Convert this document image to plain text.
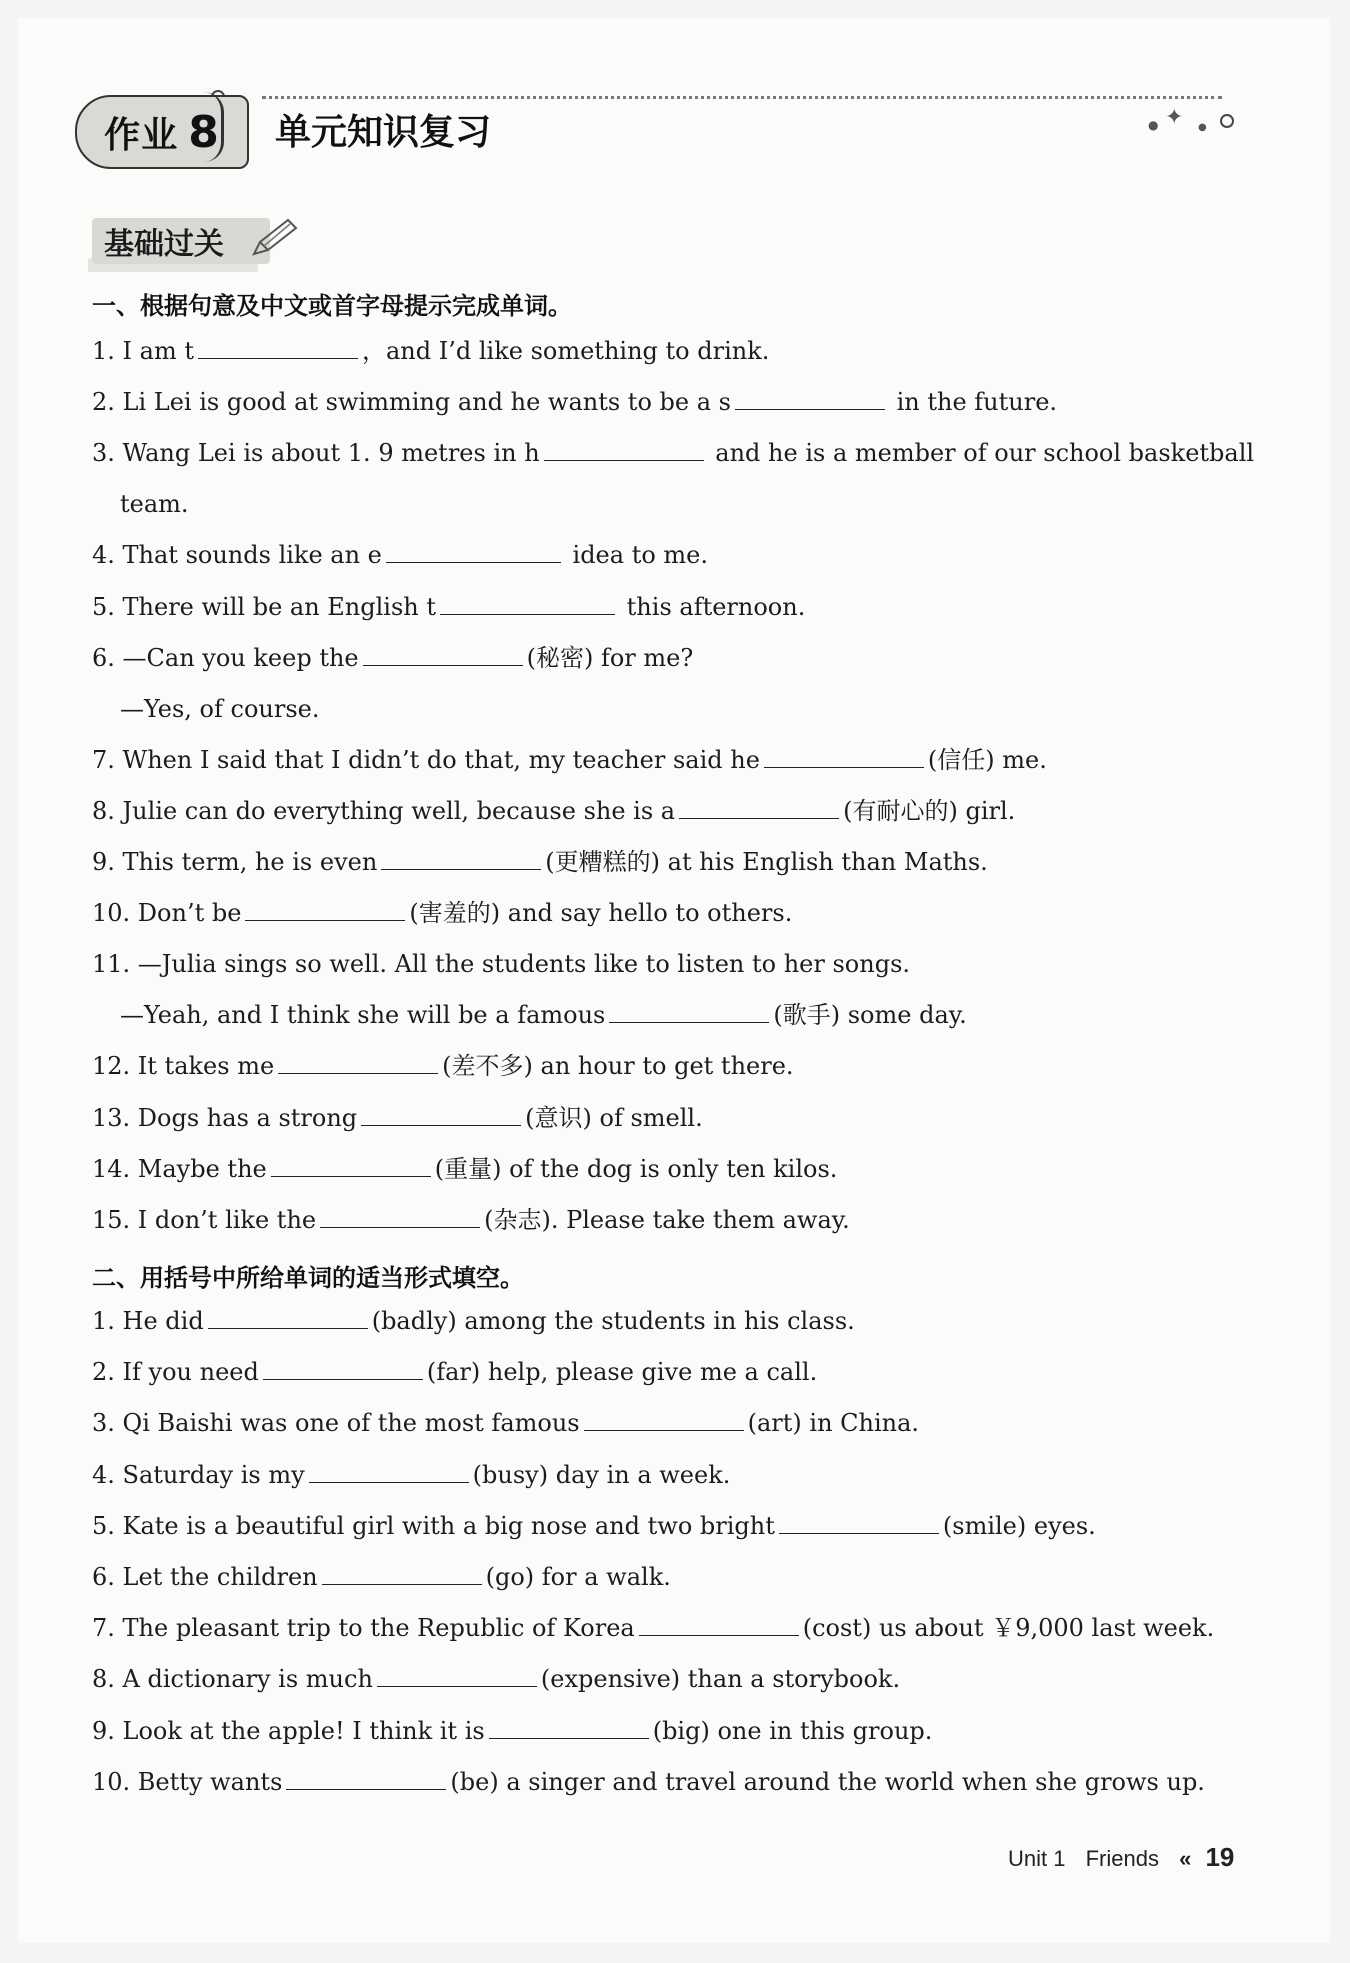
✦
●	●
作业 8 单元知识复习
基础过关
一、根据句意及中文或首字母提示完成单词。
1. I am t	，and I’d like something to drink.
2. Li Lei is good at swimming and he wants to be a s	in the future.
3. Wang Lei is about 1. 9 metres in h	and he is a member of our school basketball
team.
4. That sounds like an e	idea to me.
5. There will be an English t	this afternoon.
6. —Can you keep the	(秘密) for me?
—Yes, of course.
7. When I said that I didn’t do that, my teacher said he	(信任) me.
8. Julie can do everything well, because she is a	(有耐心的) girl.
9. This term, he is even	(更糟糕的) at his English than Maths.
10. Don’t be	(害羞的) and say hello to others.
11. —Julia sings so well. All the students like to listen to her songs.
—Yeah, and I think she will be a famous	(歌手) some day.
12. It takes me	(差不多) an hour to get there.
13. Dogs has a strong	(意识) of smell.
14. Maybe the	(重量) of the dog is only ten kilos.
15. I don’t like the	(杂志). Please take them away.
二、用括号中所给单词的适当形式填空。
1. He did	(badly) among the students in his class.
2. If you need	(far) help, please give me a call.
3. Qi Baishi was one of the most famous	(art) in China.
4. Saturday is my	(busy) day in a week.
5. Kate is a beautiful girl with a big nose and two bright	(smile) eyes.
6. Let the children	(go) for a walk.
7. The pleasant trip to the Republic of Korea	(cost) us about ￥9,000 last week.
8. A dictionary is much	(expensive) than a storybook.
9. Look at the apple! I think it is	(big) one in this group.
10. Betty wants	(be) a singer and travel around the world when she grows up.
Unit 1 Friends « 19
